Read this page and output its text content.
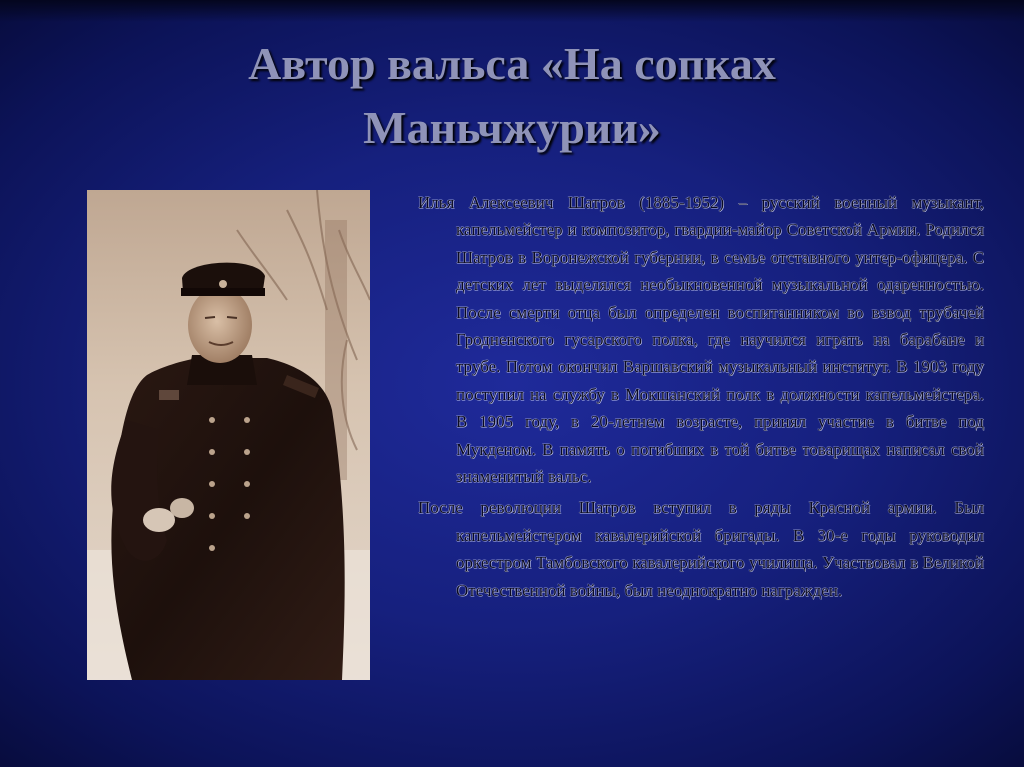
Автор вальса «На сопках
Маньчжурии»

Илья Алексеевич Шатров (1885-1952) – русский военный музыкант, капельмейстер и композитор, гвардии-майор Советской Армии. Родился Шатров в Воронежской губернии, в семье отставного унтер-офицера. С детских лет выделялся необыкновенной музыкальной одаренностью. После смерти отца был определен воспитанником во взвод трубачей Гродненского гусарского полка, где научился играть на барабане и трубе. Потом окончил Варшавский музыкальный институт. В 1903 году поступил на службу в Мокшанский полк в должности капельмейстера. В 1905 году, в 20-летнем возрасте, принял участие в битве под Мукденом. В память о погибших в той битве товарищах написал свой знаменитый вальс.

После революции Шатров вступил в ряды Красной армии. Был капельмейстером кавалерийской бригады. В 30-е годы руководил оркестром Тамбовского кавалерийского училища. Участвовал в Великой Отечественной войны, был неоднократно награжден.
